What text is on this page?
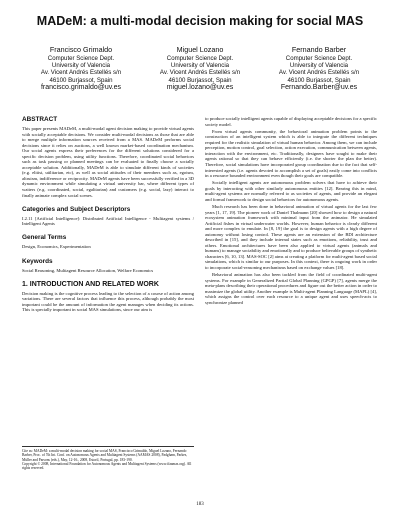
MADeM: a multi-modal decision making for social MAS
Francisco Grimaldo
Computer Science Dept.
University of Valencia
Av. Vicent Andrés Estellés s/n
46100 Burjassot, Spain
francisco.grimaldo@uv.es
Miguel Lozano
Computer Science Dept.
University of Valencia
Av. Vicent Andrés Estellés s/n
46100 Burjassot, Spain
miguel.lozano@uv.es
Fernando Barber
Computer Science Dept.
University of Valencia
Av. Vicent Andrés Estellés s/n
46100 Burjassot, Spain
Fernando.Barber@uv.es
ABSTRACT

This paper presents MADeM, a multi-modal agent decision making to provide virtual agents with socially acceptable decisions. We consider multi-modal decisions as those that are able to merge multiple information sources received from a MAS. MADeM performs social decisions since it relies on auctions, a well known market-based coordination mechanism. Our social agents express their preferences for the different solutions considered for a specific decision problem, using utility functions. Therefore, coordinated social behaviors such as task passing or planned meetings can be evaluated to finally choose a socially acceptable solution. Additionally, MADeM is able to simulate different kinds of societies (e.g. elitist, utilitarian, etc), as well as social attitudes of their members such as, egoism, altruism, indifference or reciprocity. MADeM agents have been successfully verified in a 3D dynamic environment while simulating a virtual university bar, where different types of waiters (e.g. coordinated, social, egalitarian) and customers (e.g. social, lazy) interact to finally animate complex social scenes.

Categories and Subject Descriptors

I.2.11 [Artificial Intelligence]: Distributed Artificial Intelligence - Multiagent systems / Intelligent Agents

General Terms

Design, Economics, Experimentation

Keywords

Social Reasoning, Multiagent Resource Allocation, Welfare Economics

1. INTRODUCTION AND RELATED WORK

Decision making is the cognitive process leading to the selection of a course of action among variations. There are several factors that influence this process, although probably the most important could be the amount of information the agent manages when deciding its actions. This is specially important in social MAS simulations, since our aim is

Cite as: MADeM: a multi-modal decision making for social MAS, Francisco Grimaldo, Miguel Lozano, Fernando Barber, Proc. of 7th Int. Conf. on Autonomous Agents and Multiagent Systems (AAMAS 2008), Padgham, Parkes, Müller and Parsons (eds.), May, 12-16., 2008, Estoril, Portugal, pp. 183-190.

Copyright © 2008, International Foundation for Autonomous Agents and Multiagent Systems (www.ifaamas.org). All rights reserved.

to produce socially intelligent agents capable of displaying acceptable decisions for a specific society model.

From virtual agents community, the behavioral animation problem points to the construction of an intelligent system which is able to integrate the different techniques required for the realistic simulation of virtual human behavior. Among them, we can include perception, motion control, goal selection, action execution, communication between agents, interaction with the environment, etc. Traditionally, designers have sought to make their agents rational so that they can behave efficiently (i.e. the shorter the plan the better). Therefore, social simulations have incorporated group coordination due to the fact that self-interested agents (i.e. agents devoted to accomplish a set of goals) easily come into conflicts in a resource bounded environment even though their goals are compatible.

Socially intelligent agents are autonomous problem solvers that have to achieve their goals by interacting with other similarly autonomous entities [12]. Bearing this in mind, multi-agent systems are normally referred to as societies of agents, and provide an elegant and formal framework to design social behaviors for autonomous agents.

Much research has been done in behavioral animation of virtual agents for the last few years [1, 17, 19]. The pioneer work of Daniel Thalmann [20] showed how to design a natural ecosystem animation framework with minimal input from the animator. He simulated Artificial fishes in virtual underwater worlds. However, human behavior is clearly different and more complex to emulate. In [8, 19] the goal is to design agents with a high degree of autonomy without losing control. These agents are an extension of the BDI architecture described in [15], and they include internal states such as emotions, reliability, trust and others. Emotional architectures have been also applied to virtual agents (animals and humans) to manage sociability and emotionally and to produce believable groups of synthetic characters [6, 10, 13]. MAS-SOC [2] aims at creating a platform for multi-agent based social simulations, which is similar to our purposes. In this context, there is ongoing work in order to incorporate social-reasoning mechanisms based on exchange values [18].

Behavioral animation has also been tackled from the field of coordinated multi-agent systems. For example in Generalized Partial Global Planning (GPGP) [7], agents merge the meta-plans describing their operational procedures and figure out the better action in order to maximize the global utility. Another example is Multi-agent Planning Language (MAPL) [4], which assigns the control over each resource to a unique agent and uses speech-acts to synchronize planned

183
